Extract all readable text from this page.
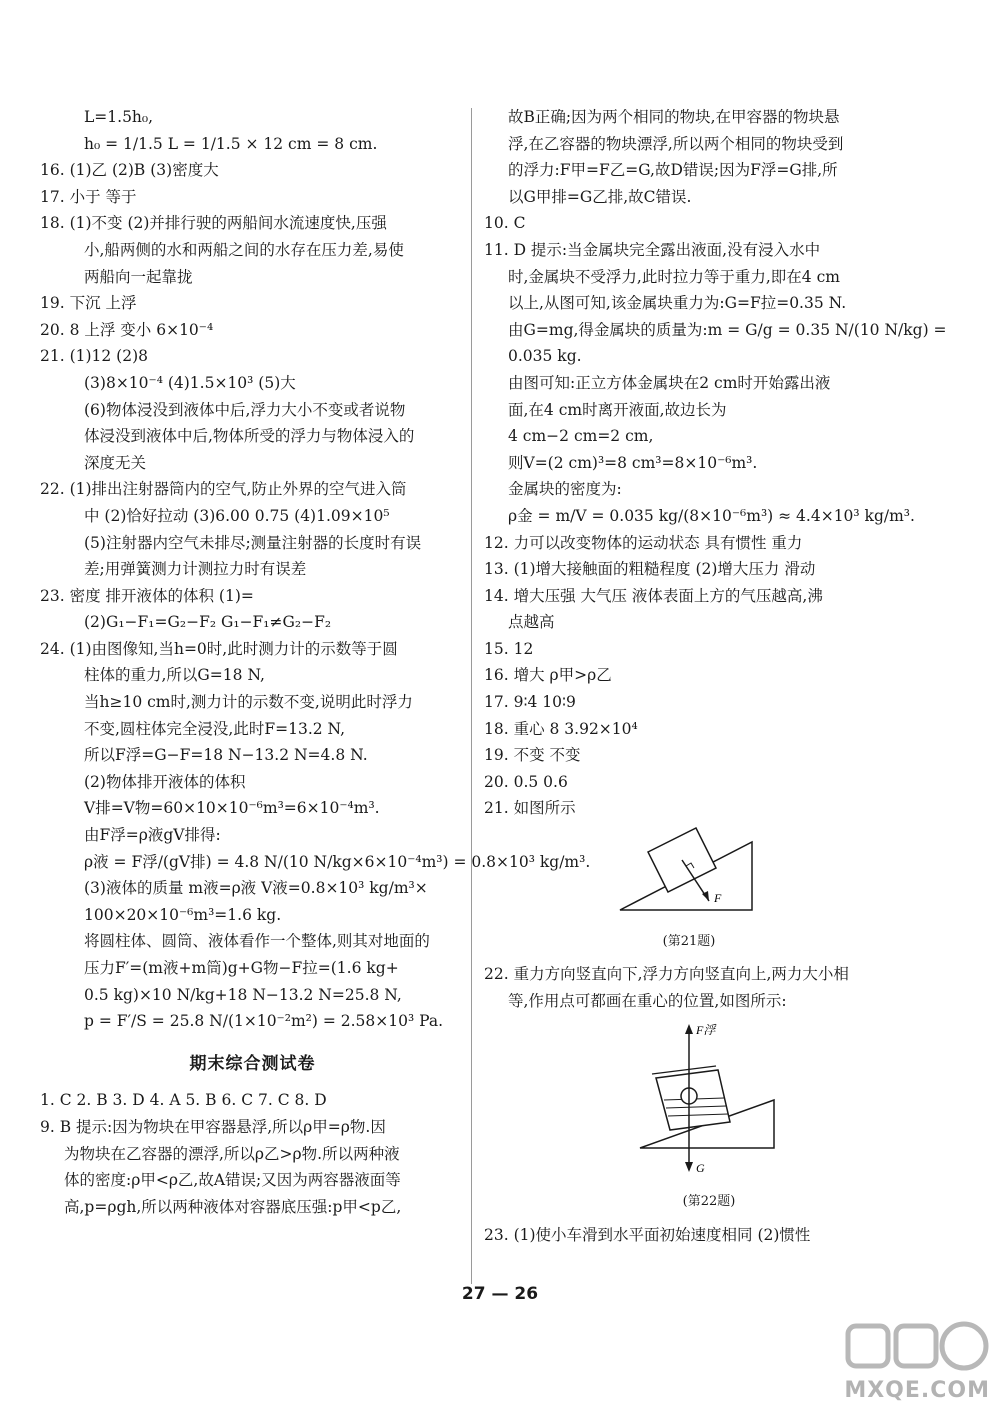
L=1.5h₀,
h₀ = 1/1.5 L = 1/1.5 × 12 cm = 8 cm.
16. (1)乙 (2)B (3)密度大
17. 小于 等于
18. (1)不变 (2)并排行驶的两船间水流速度快,压强
小,船两侧的水和两船之间的水存在压力差,易使
两船向一起靠拢
19. 下沉 上浮
20. 8 上浮 变小 6×10⁻⁴
21. (1)12 (2)8
(3)8×10⁻⁴ (4)1.5×10³ (5)大
(6)物体浸没到液体中后,浮力大小不变或者说物
体浸没到液体中后,物体所受的浮力与物体浸入的
深度无关
22. (1)排出注射器筒内的空气,防止外界的空气进入筒
中 (2)恰好拉动 (3)6.00 0.75 (4)1.09×10⁵
(5)注射器内空气未排尽;测量注射器的长度时有误
差;用弹簧测力计测拉力时有误差
23. 密度 排开液体的体积 (1)=
(2)G₁−F₁=G₂−F₂ G₁−F₁≠G₂−F₂
24. (1)由图像知,当h=0时,此时测力计的示数等于圆
柱体的重力,所以G=18 N,
当h≥10 cm时,测力计的示数不变,说明此时浮力
不变,圆柱体完全浸没,此时F=13.2 N,
所以F浮=G−F=18 N−13.2 N=4.8 N.
(2)物体排开液体的体积
V排=V物=60×10×10⁻⁶m³=6×10⁻⁴m³.
由F浮=ρ液gV排得:
ρ液 = F浮/(gV排) = 4.8 N/(10 N/kg×6×10⁻⁴m³) = 0.8×10³ kg/m³.
(3)液体的质量 m液=ρ液 V液=0.8×10³ kg/m³×
100×20×10⁻⁶m³=1.6 kg.
将圆柱体、圆筒、液体看作一个整体,则其对地面的
压力F′=(m液+m筒)g+G物−F拉=(1.6 kg+
0.5 kg)×10 N/kg+18 N−13.2 N=25.8 N,
p = F′/S = 25.8 N/(1×10⁻²m²) = 2.58×10³ Pa.
期末综合测试卷
1. C 2. B 3. D 4. A 5. B 6. C 7. C 8. D
9. B 提示:因为物块在甲容器悬浮,所以ρ甲=ρ物.因
为物块在乙容器的漂浮,所以ρ乙>ρ物.所以两种液
体的密度:ρ甲<ρ乙,故A错误;又因为两容器液面等
高,p=ρgh,所以两种液体对容器底压强:p甲<p乙,
故B正确;因为两个相同的物块,在甲容器的物块悬
浮,在乙容器的物块漂浮,所以两个相同的物块受到
的浮力:F甲=F乙=G,故D错误;因为F浮=G排,所
以G甲排=G乙排,故C错误.
10. C
11. D 提示:当金属块完全露出液面,没有浸入水中
时,金属块不受浮力,此时拉力等于重力,即在4 cm
以上,从图可知,该金属块重力为:G=F拉=0.35 N.
由G=mg,得金属块的质量为:m = G/g = 0.35 N/(10 N/kg) =
0.035 kg.
由图可知:正立方体金属块在2 cm时开始露出液
面,在4 cm时离开液面,故边长为
4 cm−2 cm=2 cm,
则V=(2 cm)³=8 cm³=8×10⁻⁶m³.
金属块的密度为:
ρ金 = m/V = 0.035 kg/(8×10⁻⁶m³) ≈ 4.4×10³ kg/m³.
12. 力可以改变物体的运动状态 具有惯性 重力
13. (1)增大接触面的粗糙程度 (2)增大压力 滑动
14. 增大压强 大气压 液体表面上方的气压越高,沸
点越高
15. 12
16. 增大 ρ甲>ρ乙
17. 9∶4 10∶9
18. 重心 8 3.92×10⁴
19. 不变 不变
20. 0.5 0.6
21. 如图所示
F
(第21题)
22. 重力方向竖直向下,浮力方向竖直向上,两力大小相
等,作用点可都画在重心的位置,如图所示:
F浮
G
(第22题)
23. (1)使小车滑到水平面初始速度相同 (2)惯性
27 — 26
MXQE.COM
